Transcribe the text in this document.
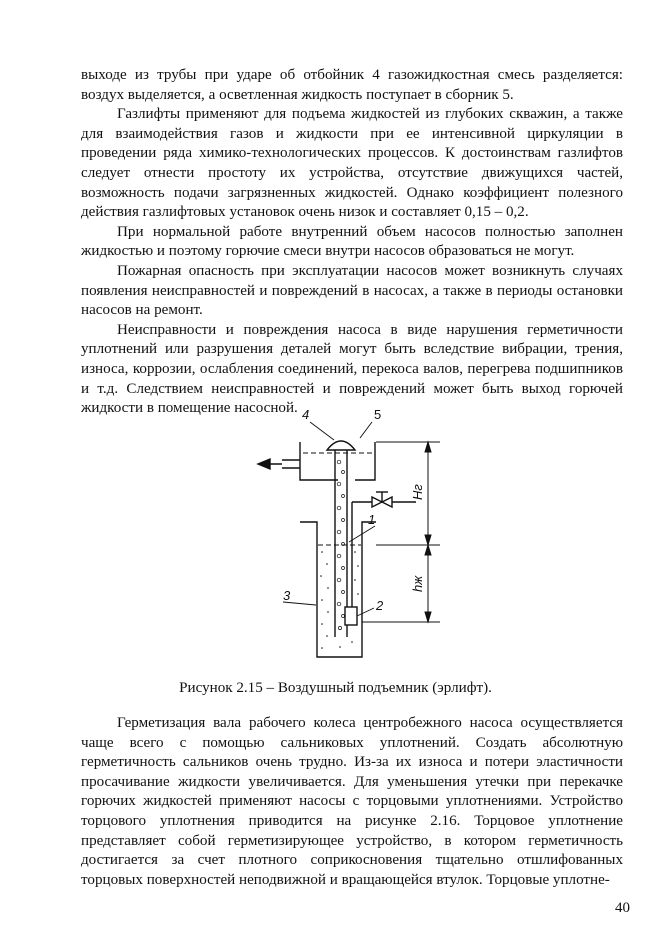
выходе из трубы при ударе об отбойник 4 газожидкостная смесь разделяется: воздух выделяется, а осветленная жидкость поступает в сборник 5.

Газлифты применяют для подъема жидкостей из глубоких скважин, а также для взаимодействия газов и жидкости при ее интенсивной циркуляции в проведении ряда химико-технологических процессов. К достоинствам газлифтов следует отнести простоту их устройства, отсутствие движущихся частей, возможность подачи загрязненных жидкостей. Однако коэффициент полезного действия газлифтовых установок очень низок и составляет 0,15 – 0,2.

При нормальной работе внутренний объем насосов полностью заполнен жидкостью и поэтому горючие смеси внутри насосов образоваться не могут.

Пожарная опасность при эксплуатации насосов может возникнуть случаях появления неисправностей и повреждений в насосах, а также в периоды остановки насосов на ремонт.

Неисправности и повреждения насоса в виде нарушения герметичности уплотнений или разрушения деталей могут быть вследствие вибрации, трения, износа, коррозии, ослабления соединений, перекоса валов, перегрева подшипников и т.д. Следствием неисправностей и повреждений может быть выход горючей жидкости в помещение насосной. 4	5
1
2
3
Hг
hж
Рисунок 2.15 – Воздушный подъемник (эрлифт).

Герметизация вала рабочего колеса центробежного насоса осуществляется чаще всего с помощью сальниковых уплотнений. Создать абсолютную герметичность сальников очень трудно. Из-за их износа и потери эластичности просачивание жидкости увеличивается. Для уменьшения утечки при перекачке горючих жидкостей применяют насосы с торцовыми уплотнениями. Устройство торцового уплотнения приводится на рисунке 2.16. Торцовое уплотнение представляет собой герметизирующее устройство, в котором герметичность достигается за счет плотного соприкосновения тщательно отшлифованных торцовых поверхностей неподвижной и вращающейся втулок. Торцовые уплотне-

40
